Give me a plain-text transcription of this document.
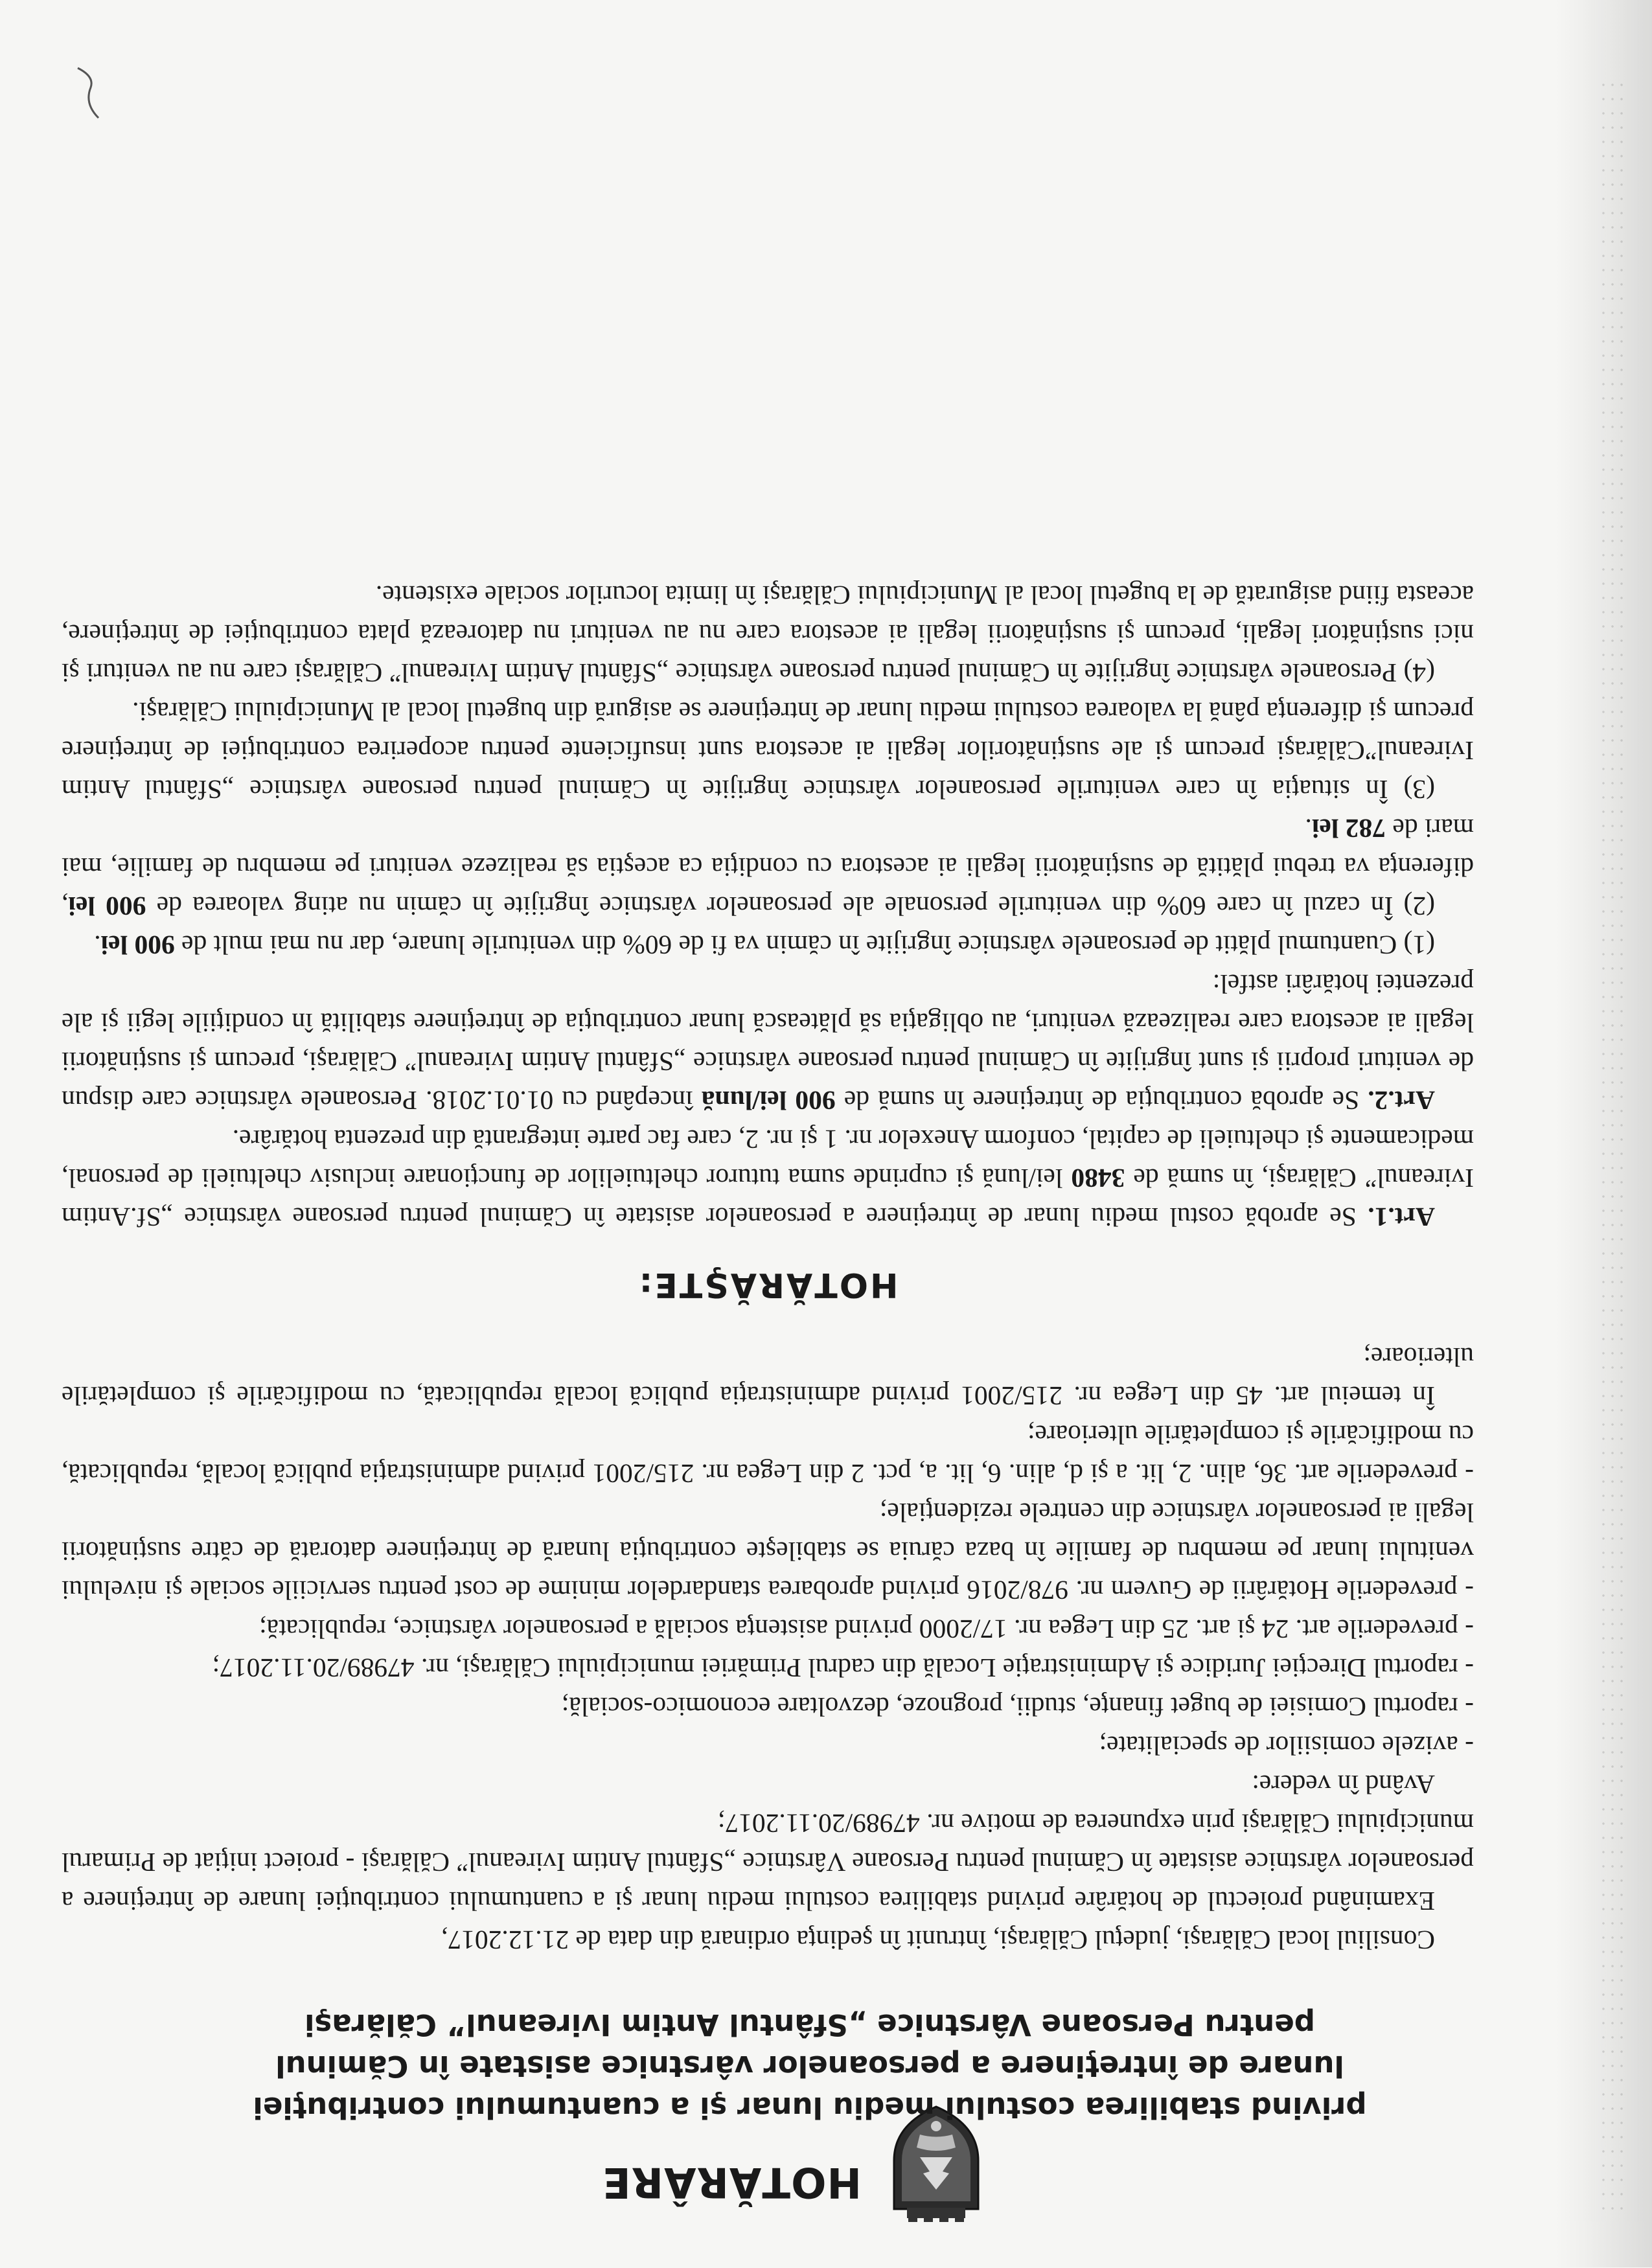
HOTĂRÂRE
privind stabilirea costului mediu lunar şi a cuantumului contribuţiei lunare de întreţinere a persoanelor vârstnice asistate în Căminul pentru Persoane Vârstnice „Sfântul Antim Ivireanul” Călăraşi

Consiliul local Călăraşi, judeţul Călăraşi, întrunit în şedinţa ordinară din data de 21.12.2017,

Examinând proiectul de hotărâre privind stabilirea costului mediu lunar şi a cuantumului contribuţiei lunare de întreţinere a persoanelor vârstnice asistate în Căminul pentru Persoane Vârstnice „Sfântul Antim Ivireanul” Călăraşi - proiect iniţiat de Primarul municipiului Călăraşi prin expunerea de motive nr. 47989/20.11.2017;

Având în vedere:

- avizele comisiilor de specialitate;

- raportul Comisiei de buget finanţe, studii, prognoze, dezvoltare economico-socială;

- raportul Direcţiei Juridice şi Administraţie Locală din cadrul Primăriei municipiului Călăraşi, nr. 47989/20.11.2017;

- prevederile art. 24 şi art. 25 din Legea nr. 17/2000 privind asistenţa socială a persoanelor vârstnice, republicată;

- prevederile Hotărârii de Guvern nr. 978/2016 privind aprobarea standardelor minime de cost pentru serviciile sociale şi nivelului venitului lunar pe membru de familie în baza căruia se stabileşte contribuţia lunară de întreţinere datorată de către susţinătorii legali ai persoanelor vârstnice din centrele rezidenţiale;

- prevederile art. 36, alin. 2, lit. a şi d, alin. 6, lit. a, pct. 2 din Legea nr. 215/2001 privind administraţia publică locală, republicată, cu modificările şi completările ulterioare;

În temeiul art. 45 din Legea nr. 215/2001 privind administraţia publică locală republicată, cu modificările şi completările ulterioare;

HOTĂRĂŞTE:

Art.1. Se aprobă costul mediu lunar de întreţinere a persoanelor asistate în Căminul pentru persoane vârstnice „Sf.Antim Ivireanul” Călăraşi, în sumă de 3480 lei/lună şi cuprinde suma tuturor cheltuielilor de funcţionare inclusiv cheltuieli de personal, medicamente şi cheltuieli de capital, conform Anexelor nr. 1 şi nr. 2, care fac parte integrantă din prezenta hotărâre.

Art.2. Se aprobă contribuţia de întreţinere în sumă de 900 lei/lună începând cu 01.01.2018. Persoanele vârstnice care dispun de venituri proprii şi sunt îngrijite în Căminul pentru persoane vârstnice „Sfântul Antim Ivireanul” Călăraşi, precum şi susţinătorii legali ai acestora care realizează venituri, au obligaţia să plătească lunar contribuţia de întreţinere stabilită în condiţiile legii şi ale prezentei hotărâri astfel:

(1) Cuantumul plătit de persoanele vârstnice îngrijite în cămin va fi de 60% din veniturile lunare, dar nu mai mult de 900 lei.

(2) În cazul în care 60% din veniturile personale ale persoanelor vârstnice îngrijite în cămin nu ating valoarea de 900 lei, diferenţa va trebui plătită de susţinătorii legali ai acestora cu condiţia ca aceştia să realizeze venituri pe membru de familie, mai mari de 782 lei.

(3) În situaţia în care veniturile persoanelor vârstnice îngrijite în Căminul pentru persoane vârstnice „Sfântul Antim Ivireanul”Călăraşi precum şi ale susţinătorilor legali ai acestora sunt insuficiente pentru acoperirea contribuţiei de întreţinere precum şi diferenţa până la valoarea costului mediu lunar de întreţinere se asigură din bugetul local al Municipiului Călăraşi.

(4) Persoanele vârstnice îngrijite în Căminul pentru persoane vârstnice „Sfântul Antim Ivireanul” Călăraşi care nu au venituri şi nici susţinători legali, precum şi susţinătorii legali ai acestora care nu au venituri nu datorează plata contribuţiei de întreţinere, aceasta fiind asigurată de la bugetul local al Municipiului Călăraşi în limita locurilor sociale existente.
